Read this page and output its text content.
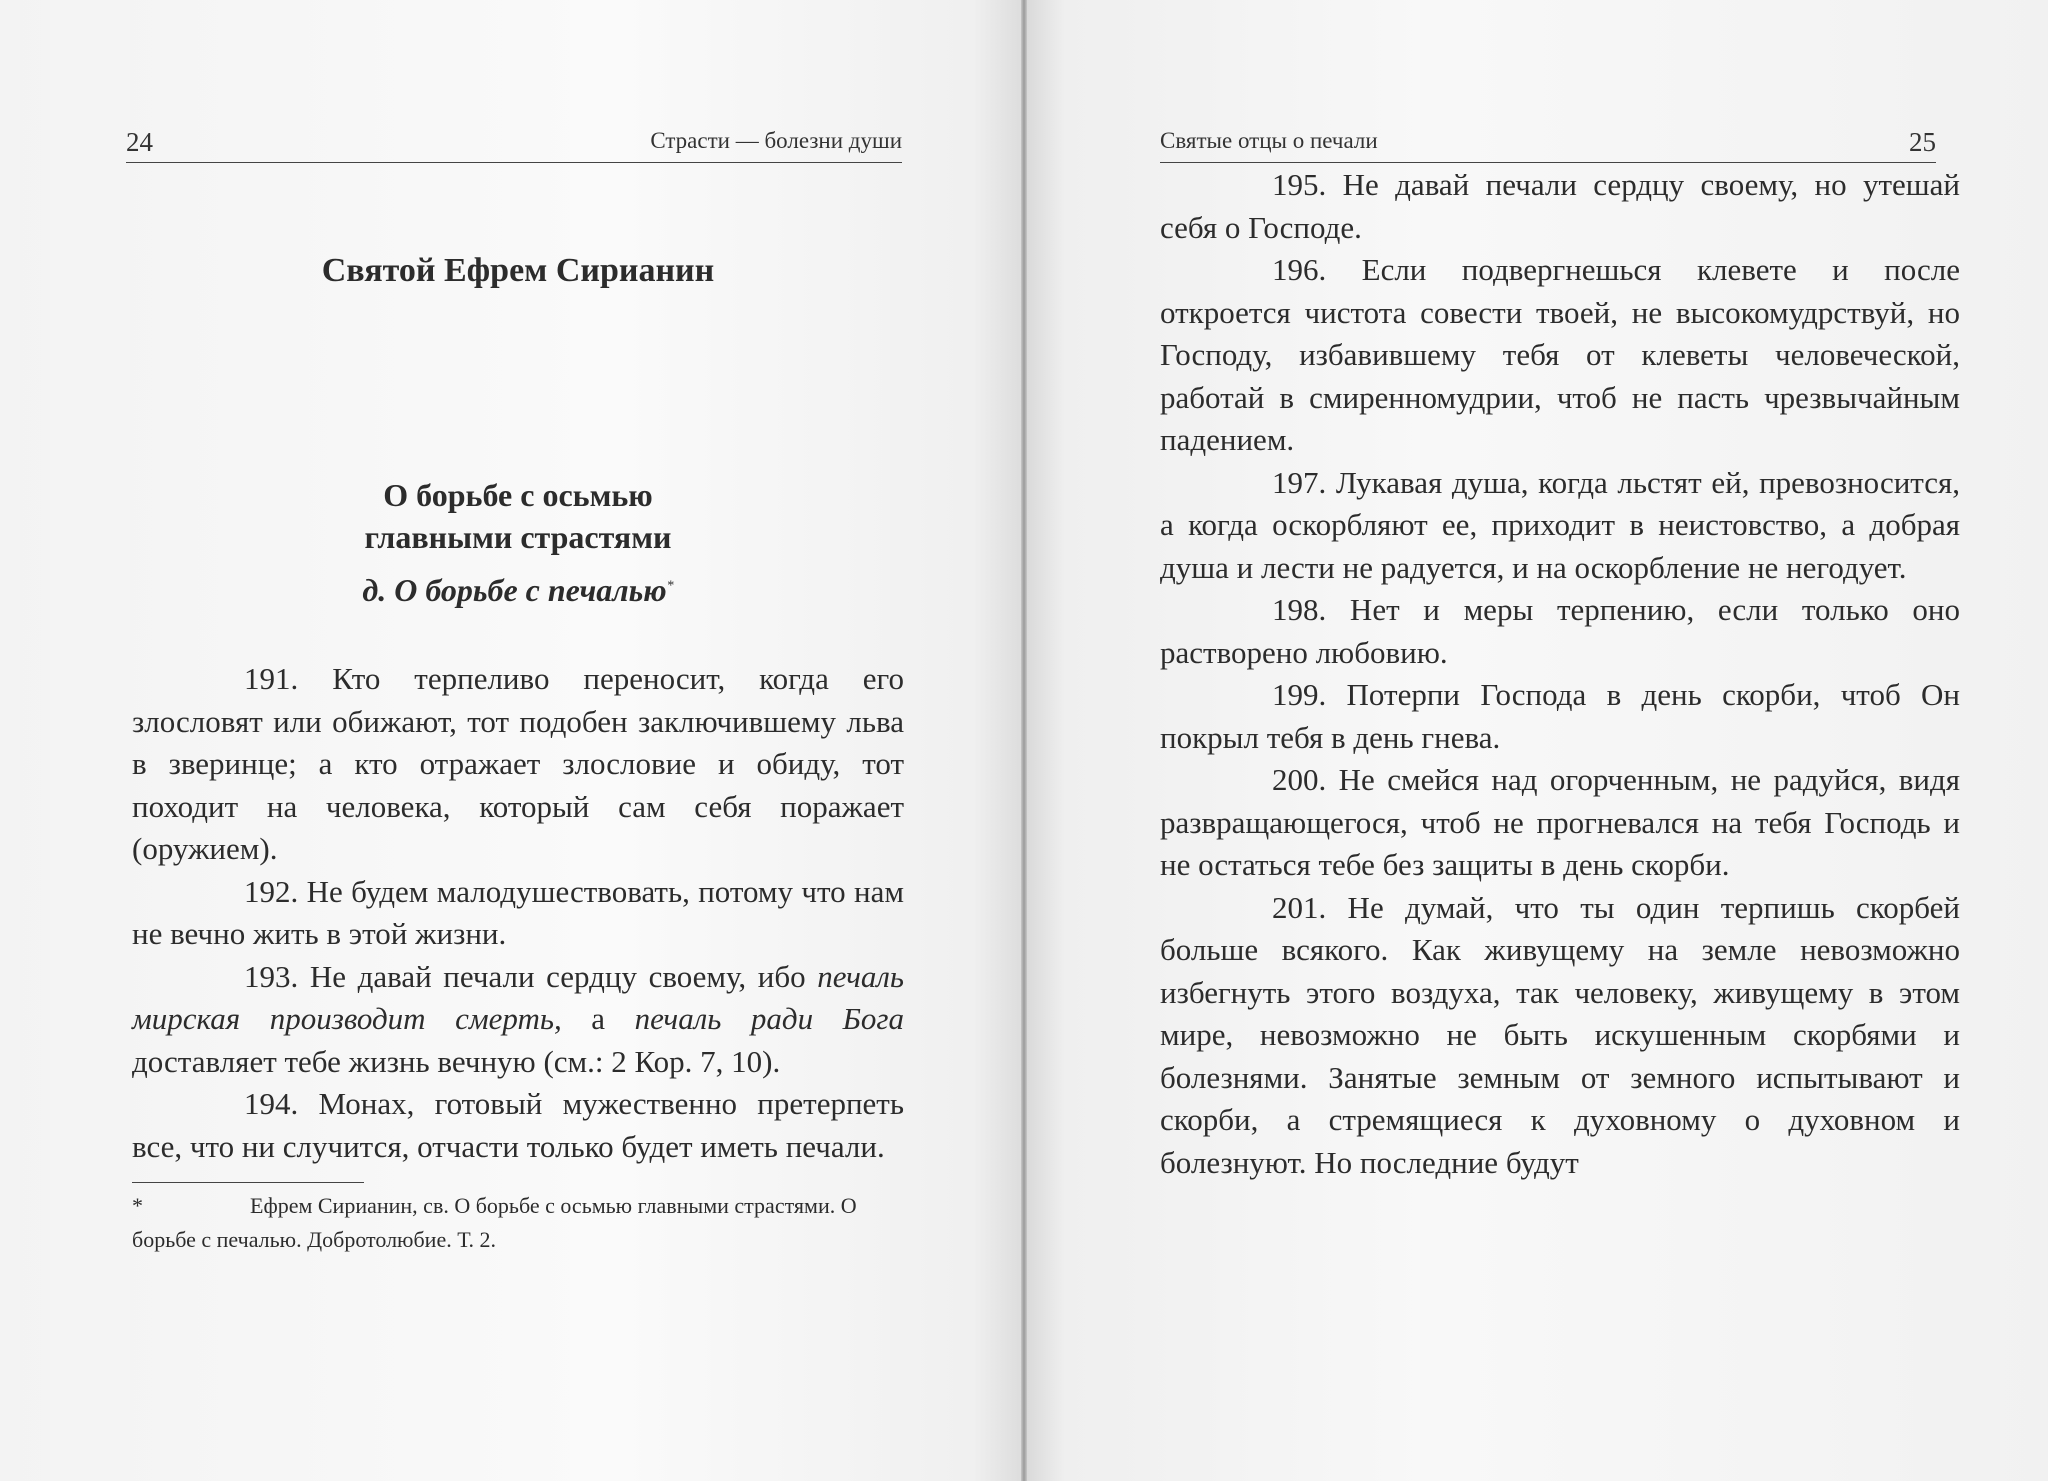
24	Страсти — болезни души
Святой Ефрем Сирианин
О борьбе с осьмью
главными страстями
д. О борьбе с печалью*

191. Кто терпеливо переносит, когда его злословят или обижают, тот подобен заключившему льва в зверинце; а кто отражает злословие и обиду, тот походит на человека, который сам себя поражает (оружием).

192. Не будем малодушествовать, потому что нам не вечно жить в этой жизни.

193. Не давай печали сердцу своему, ибо печаль мирская производит смерть, а печаль ради Бога доставляет тебе жизнь вечную (см.: 2 Кор. 7, 10).

194. Монах, готовый мужественно претерпеть все, что ни случится, отчасти только будет иметь печали.

*	Ефрем Сирианин, св. О борьбе с осьмью главными страстями. О борьбе с печалью. Добротолюбие. Т. 2.
Святые отцы о печали	25

195. Не давай печали сердцу своему, но утешай себя о Господе.

196. Если подвергнешься клевете и после откроется чистота совести твоей, не высокомудрствуй, но Господу, избавившему тебя от клеветы человеческой, работай в смиренномудрии, чтоб не пасть чрезвычайным падением.

197. Лукавая душа, когда льстят ей, превозносится, а когда оскорбляют ее, приходит в неистовство, а добрая душа и лести не радуется, и на оскорбление не негодует.

198. Нет и меры терпению, если только оно растворено любовию.

199. Потерпи Господа в день скорби, чтоб Он покрыл тебя в день гнева.

200. Не смейся над огорченным, не радуйся, видя развращающегося, чтоб не прогневался на тебя Господь и не остаться тебе без защиты в день скорби.

201. Не думай, что ты один терпишь скорбей больше всякого. Как живущему на земле невозможно избегнуть этого воздуха, так человеку, живущему в этом мире, невозможно не быть искушенным скорбями и болезнями. Занятые земным от земного испытывают и скорби, а стремящиеся к духовному о духовном и болезнуют. Но последние будут
